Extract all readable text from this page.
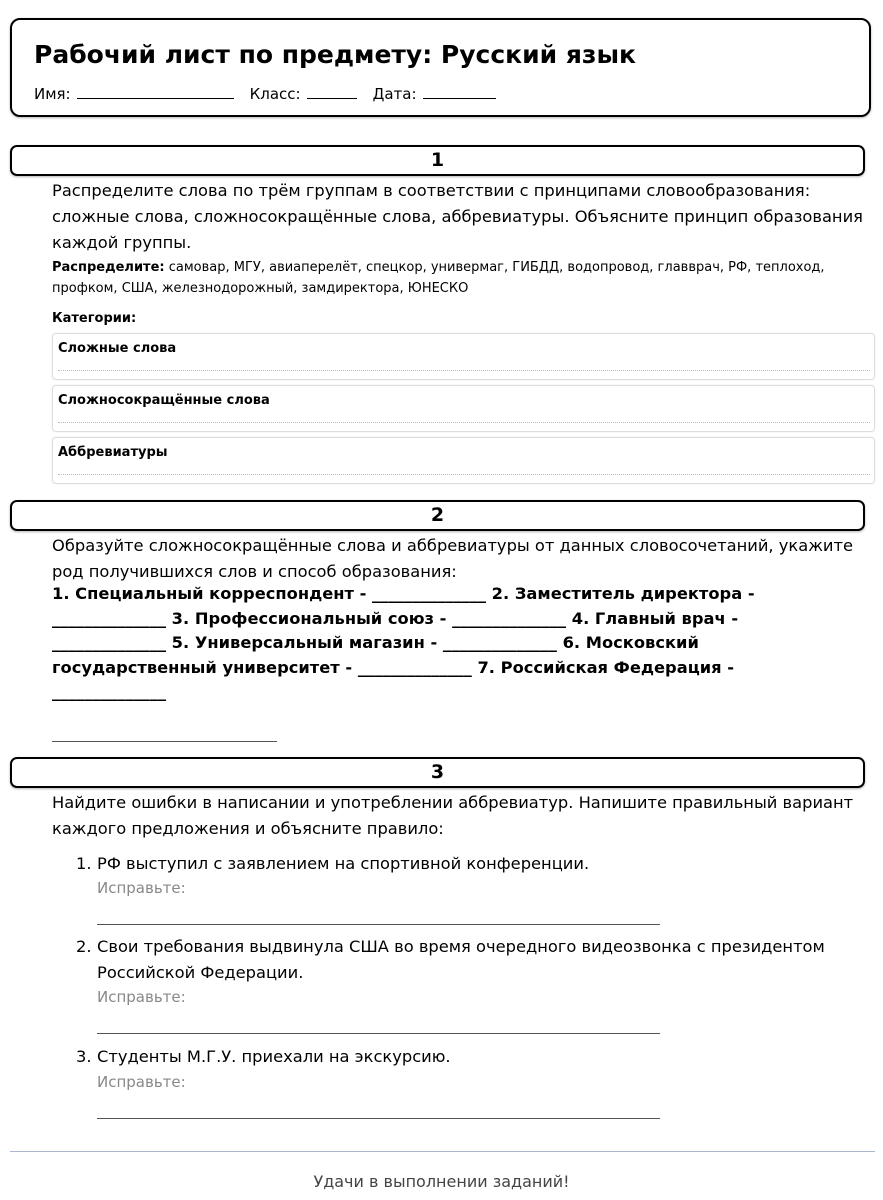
Рабочий лист по предмету: Русский язык
Имя:	Класс:	Дата:
1
Распределите слова по трём группам в соответствии с принципами словообразования:
сложные слова, сложносокращённые слова, аббревиатуры. Объясните принцип образования
каждой группы.
Распределите: самовар, МГУ, авиаперелёт, спецкор, универмаг, ГИБДД, водопровод, главврач, РФ, теплоход, профком, США, железнодорожный, замдиректора, ЮНЕСКО
Категории:
Сложные слова
Сложносокращённые слова
Аббревиатуры
2
Образуйте сложносокращённые слова и аббревиатуры от данных словосочетаний, укажите
род получившихся слов и способ образования:
1. Специальный корреспондент - ______________ 2. Заместитель директора -
______________ 3. Профессиональный союз - ______________ 4. Главный врач -
______________ 5. Универсальный магазин - ______________ 6. Московский
государственный университет - ______________ 7. Российская Федерация -
______________
3
Найдите ошибки в написании и употреблении аббревиатур. Напишите правильный вариант
каждого предложения и объясните правило:
1. РФ выступил с заявлением на спортивной конференции.
Исправьте:
2. Свои требования выдвинула США во время очередного видеозвонка с президентом
Российской Федерации.
Исправьте:
3. Студенты М.Г.У. приехали на экскурсию.
Исправьте:
Удачи в выполнении заданий!
